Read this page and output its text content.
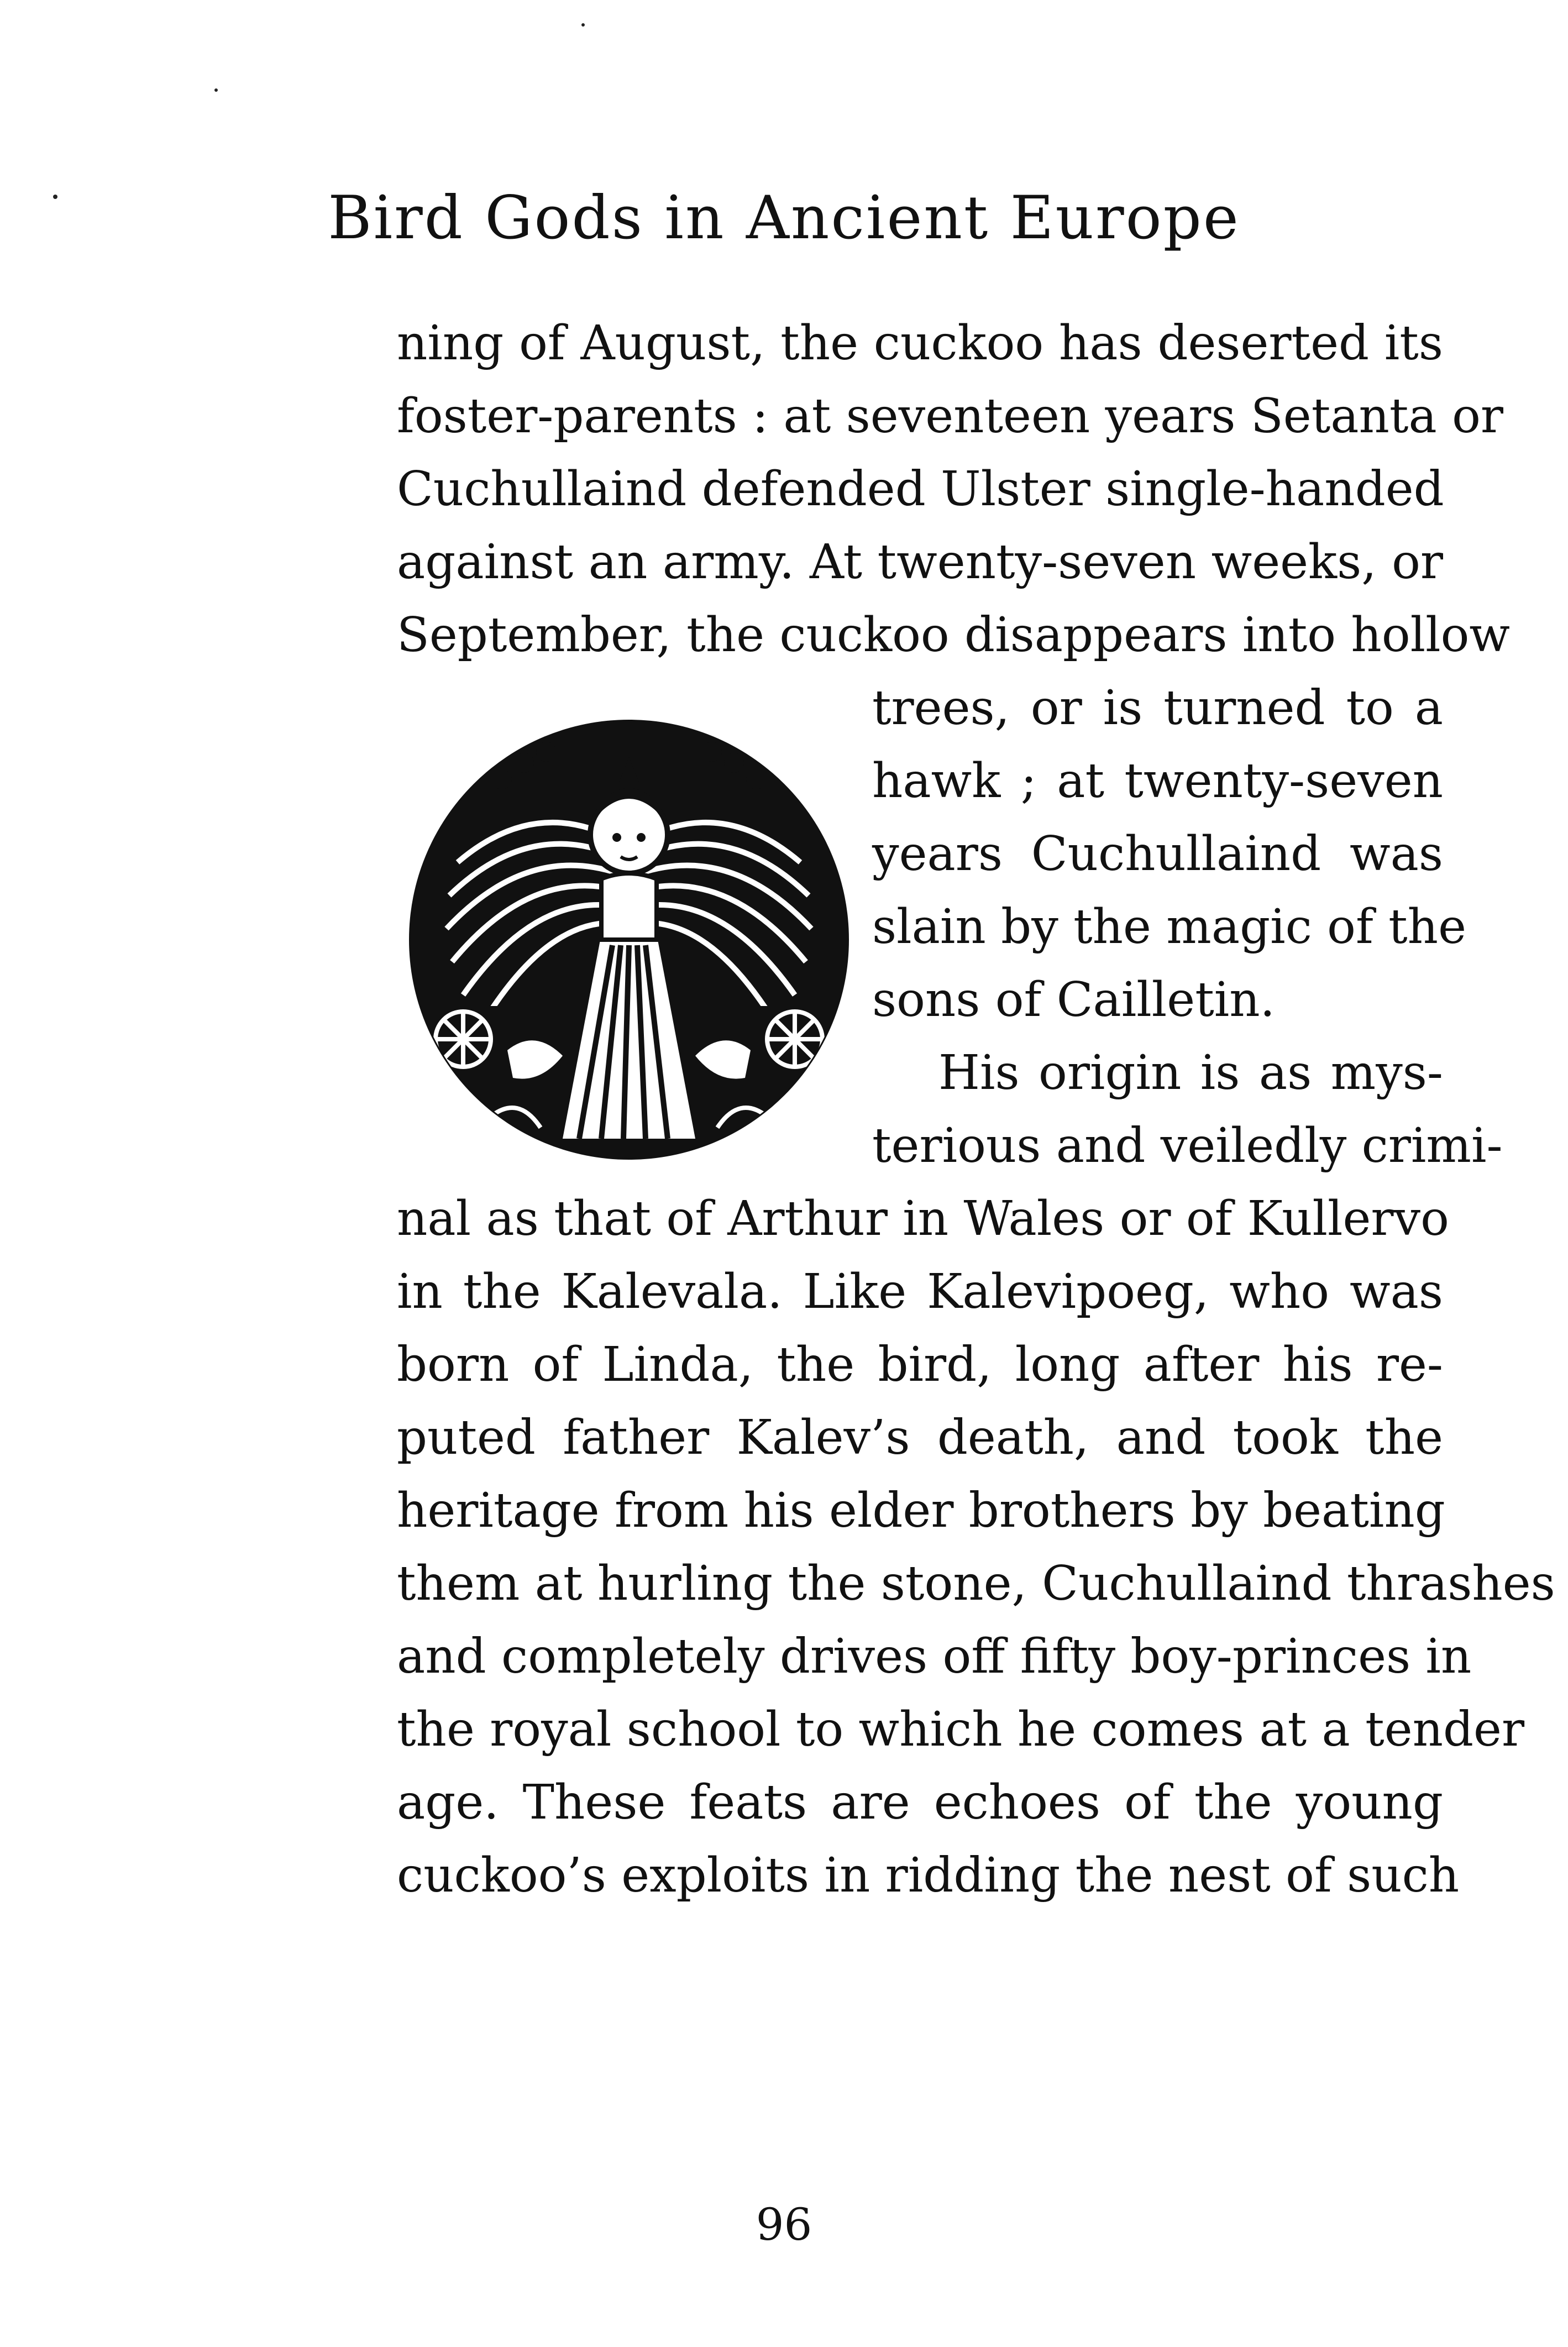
Bird Gods in Ancient Europe
ning of August, the cuckoo has deserted its
foster-parents : at seventeen years Setanta or
Cuchullaind defended Ulster single-handed
against an army. At twenty-seven weeks, or
September, the cuckoo disappears into hollow
trees, or is turned to a
hawk ; at twenty-seven
years Cuchullaind was
slain by the magic of the
sons of Cailletin.
His origin is as mys-
terious and veiledly crimi-
nal as that of Arthur in Wales or of Kullervo
in the Kalevala. Like Kalevipoeg, who was
born of Linda, the bird, long after his re-
puted father Kalev’s death, and took the
heritage from his elder brothers by beating
them at hurling the stone, Cuchullaind thrashes
and completely drives off fifty boy-princes in
the royal school to which he comes at a tender
age. These feats are echoes of the young
cuckoo’s exploits in ridding the nest of such
96
